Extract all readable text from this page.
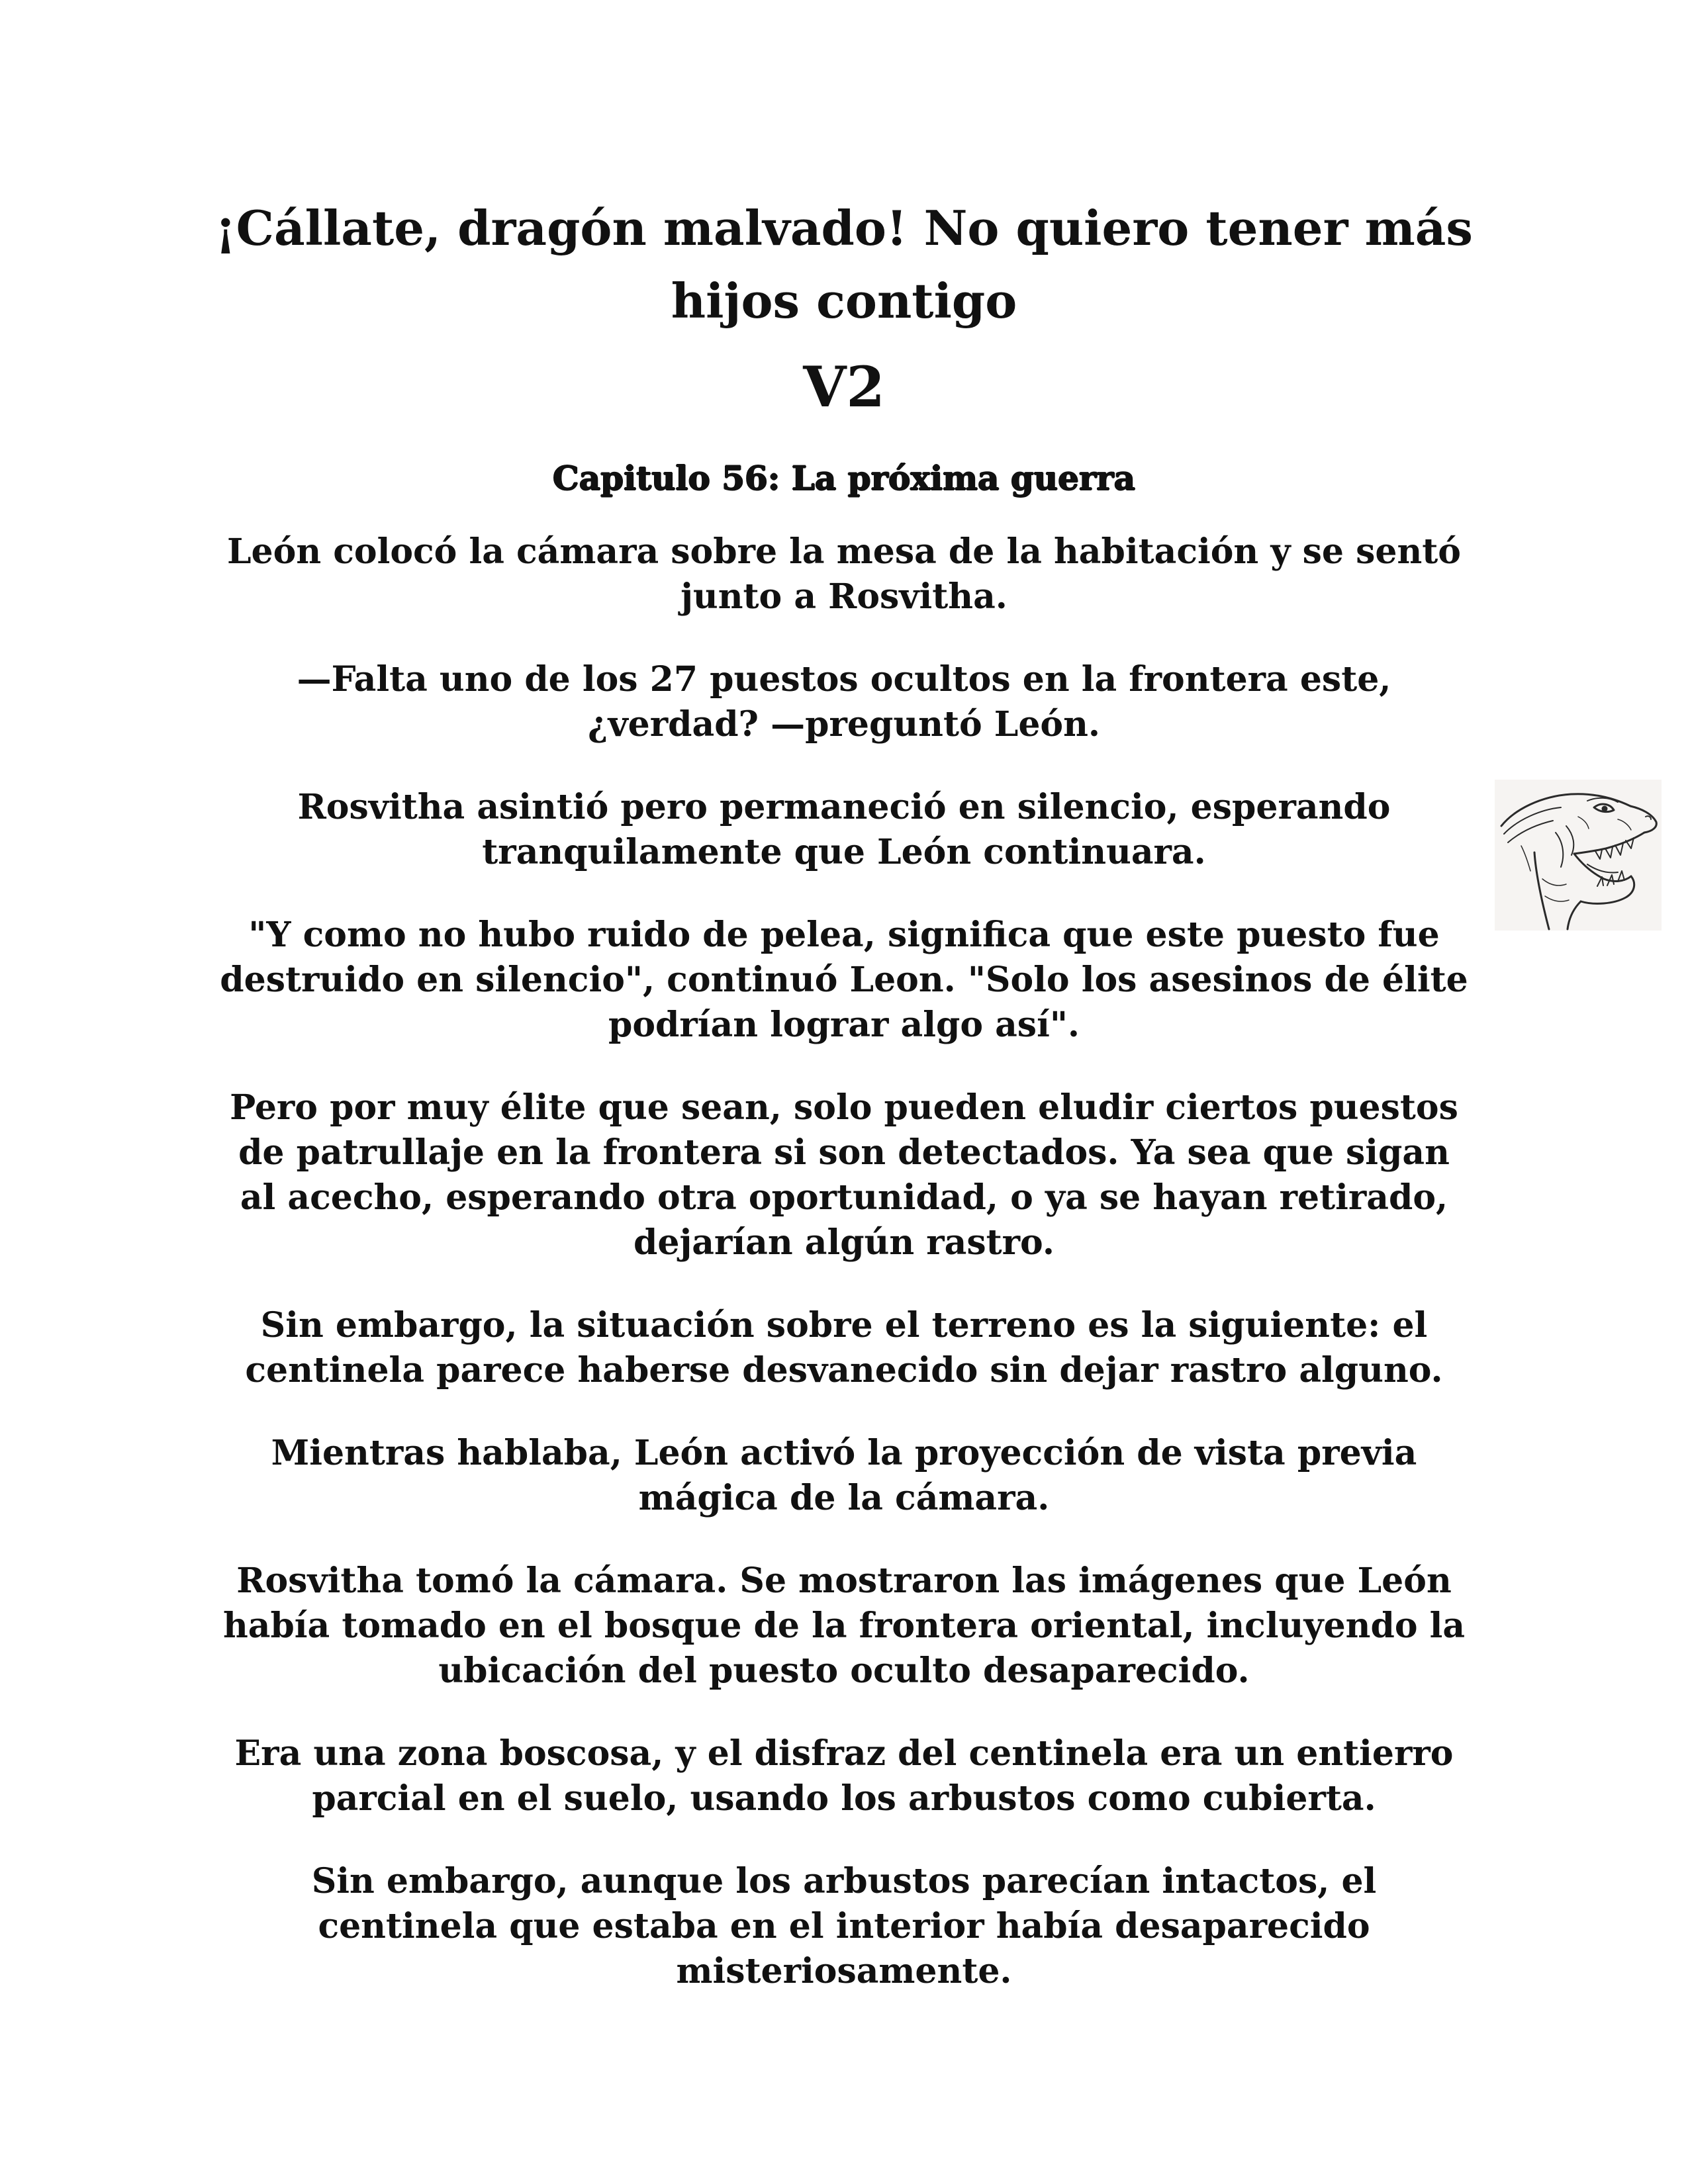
¡Cállate, dragón malvado! No quiero tener más hijos contigo
V2
Capitulo 56: La próxima guerra

León colocó la cámara sobre la mesa de la habitación y se sentó junto a Rosvitha.

—Falta uno de los 27 puestos ocultos en la frontera este, ¿verdad? —preguntó León.

Rosvitha asintió pero permaneció en silencio, esperando tranquilamente que León continuara.

"Y como no hubo ruido de pelea, significa que este puesto fue destruido en silencio", continuó Leon. "Solo los asesinos de élite podrían lograr algo así".

Pero por muy élite que sean, solo pueden eludir ciertos puestos de patrullaje en la frontera si son detectados. Ya sea que sigan al acecho, esperando otra oportunidad, o ya se hayan retirado, dejarían algún rastro.

Sin embargo, la situación sobre el terreno es la siguiente: el centinela parece haberse desvanecido sin dejar rastro alguno.

Mientras hablaba, León activó la proyección de vista previa mágica de la cámara.

Rosvitha tomó la cámara. Se mostraron las imágenes que León había tomado en el bosque de la frontera oriental, incluyendo la ubicación del puesto oculto desaparecido.

Era una zona boscosa, y el disfraz del centinela era un entierro parcial en el suelo, usando los arbustos como cubierta.

Sin embargo, aunque los arbustos parecían intactos, el centinela que estaba en el interior había desaparecido misteriosamente.
